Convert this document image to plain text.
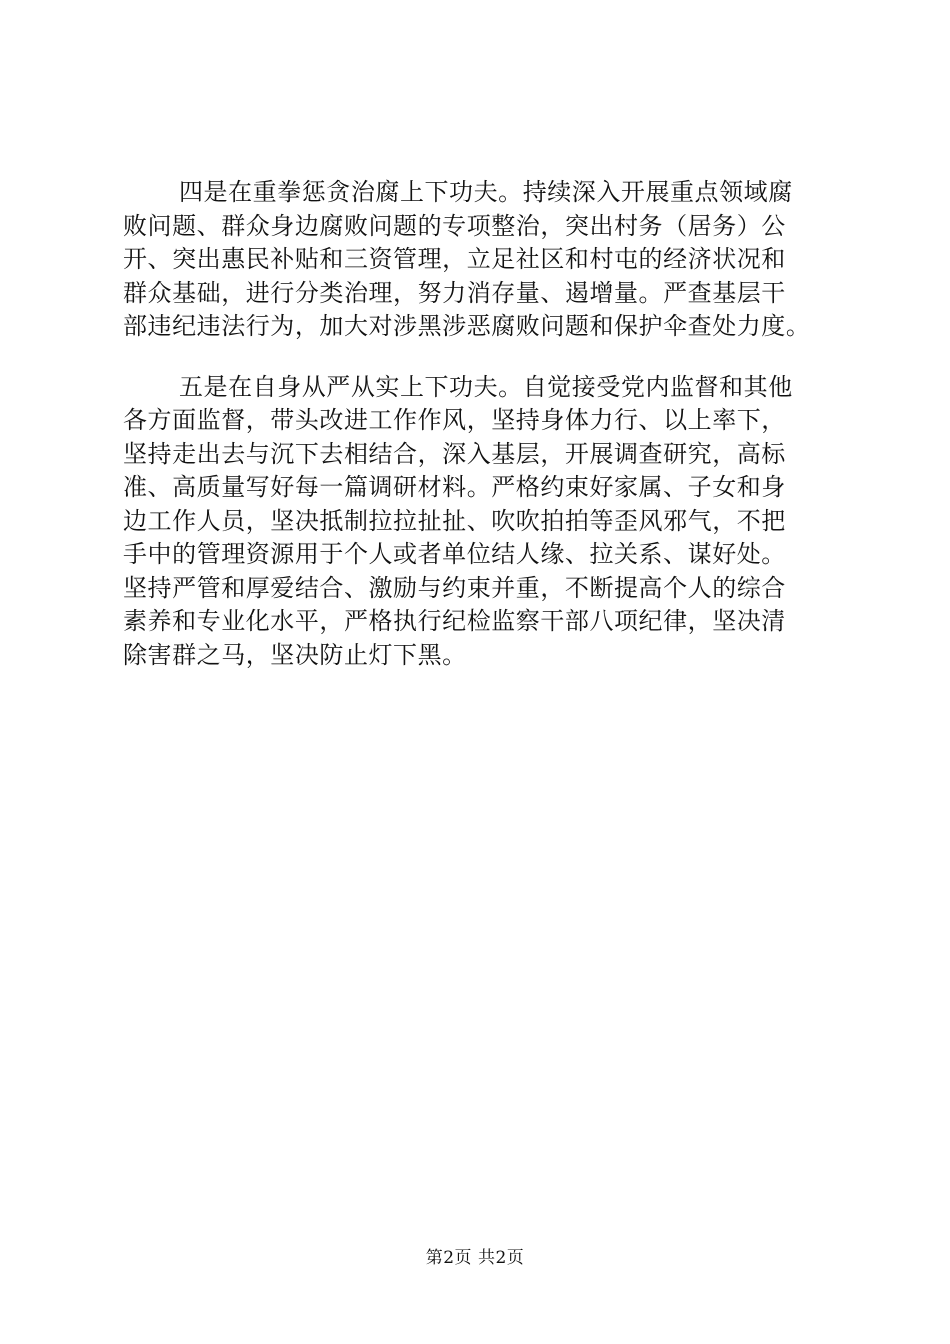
四是在重拳惩贪治腐上下功夫。持续深入开展重点领域腐
败问题、群众身边腐败问题的专项整治，突出村务（居务）公
开、突出惠民补贴和三资管理，立足社区和村屯的经济状况和
群众基础，进行分类治理，努力消存量、遏增量。严查基层干
部违纪违法行为，加大对涉黑涉恶腐败问题和保护伞查处力度。

五是在自身从严从实上下功夫。自觉接受党内监督和其他
各方面监督，带头改进工作作风，坚持身体力行、以上率下，
坚持走出去与沉下去相结合，深入基层，开展调查研究，高标
准、高质量写好每一篇调研材料。严格约束好家属、子女和身
边工作人员，坚决抵制拉拉扯扯、吹吹拍拍等歪风邪气，不把
手中的管理资源用于个人或者单位结人缘、拉关系、谋好处。
坚持严管和厚爱结合、激励与约束并重，不断提高个人的综合
素养和专业化水平，严格执行纪检监察干部八项纪律，坚决清
除害群之马，坚决防止灯下黑。

第2页 共2页
